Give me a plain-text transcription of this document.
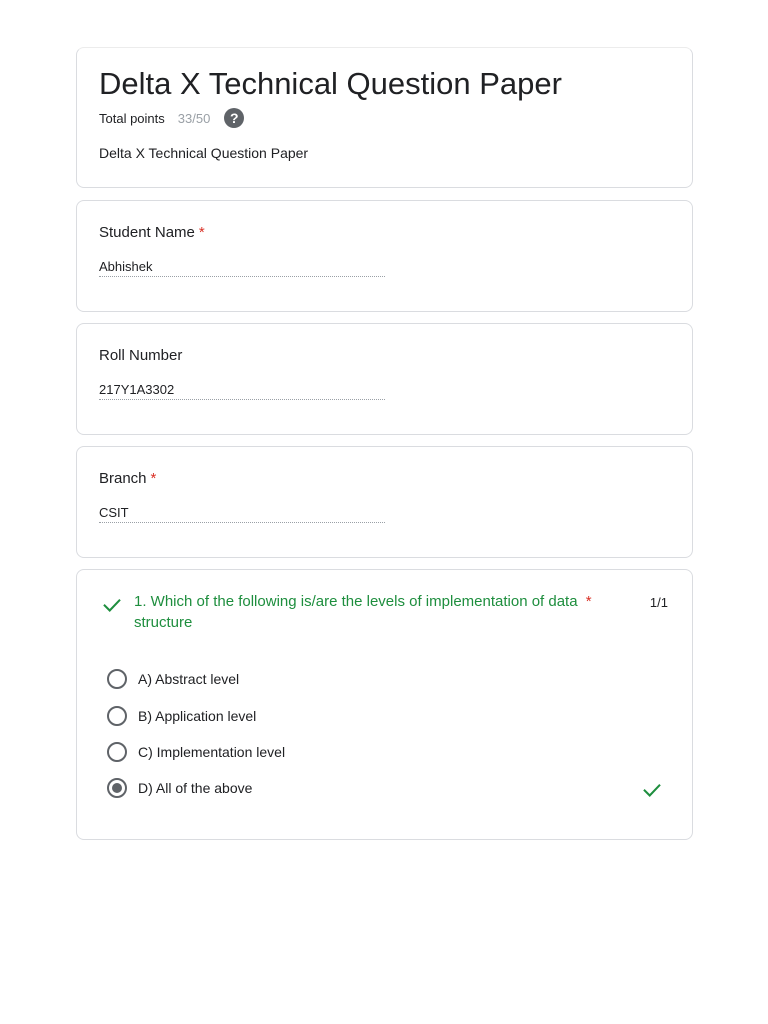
Delta X Technical Question Paper
Total points 33/50	?
Delta X Technical Question Paper
Student Name *
Abhishek
Roll Number
217Y1A3302
Branch *
CSIT
1. Which of the following is/are the levels of implementation of data *
structure
1/1
A) Abstract level
B) Application level
C) Implementation level
D) All of the above
